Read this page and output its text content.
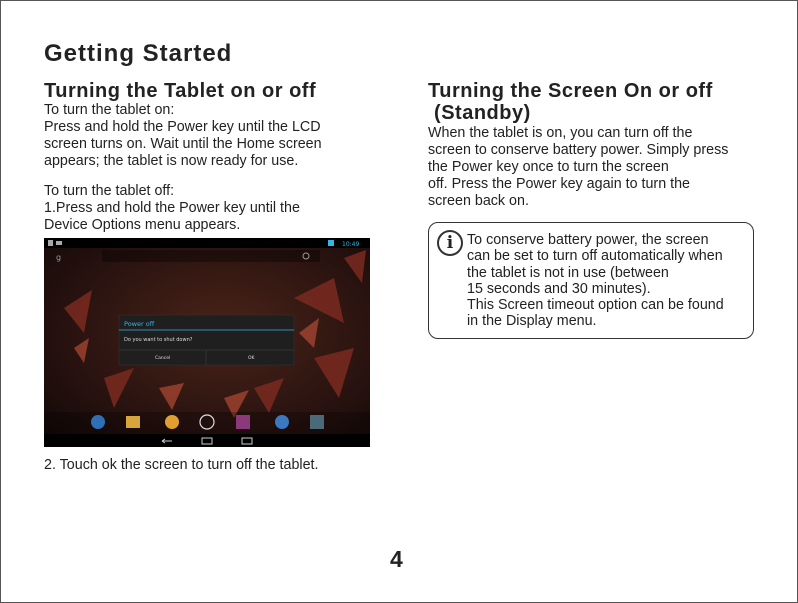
Getting Started
Turning the Tablet on or off
To turn the tablet on:
Press and hold the Power key until the LCD
screen turns on. Wait until the Home screen
appears; the tablet is now ready for use.
To turn the tablet off:
1.Press and hold the Power key until the
Device Options menu appears.
10:49
g
Power off
Do you want to shut down?
Cancel	OK
2. Touch ok the screen to turn off the tablet.
Turning the Screen On or off
(Standby)
When the tablet is on, you can turn off the
screen to conserve battery power. Simply press
the Power key once to turn the screen
off. Press the Power key again to turn the
screen back on.
i To conserve battery power, the screen
can be set to turn off automatically when
the tablet is not in use (between
15 seconds and 30 minutes).
This Screen timeout option can be found
in the Display menu.
4
